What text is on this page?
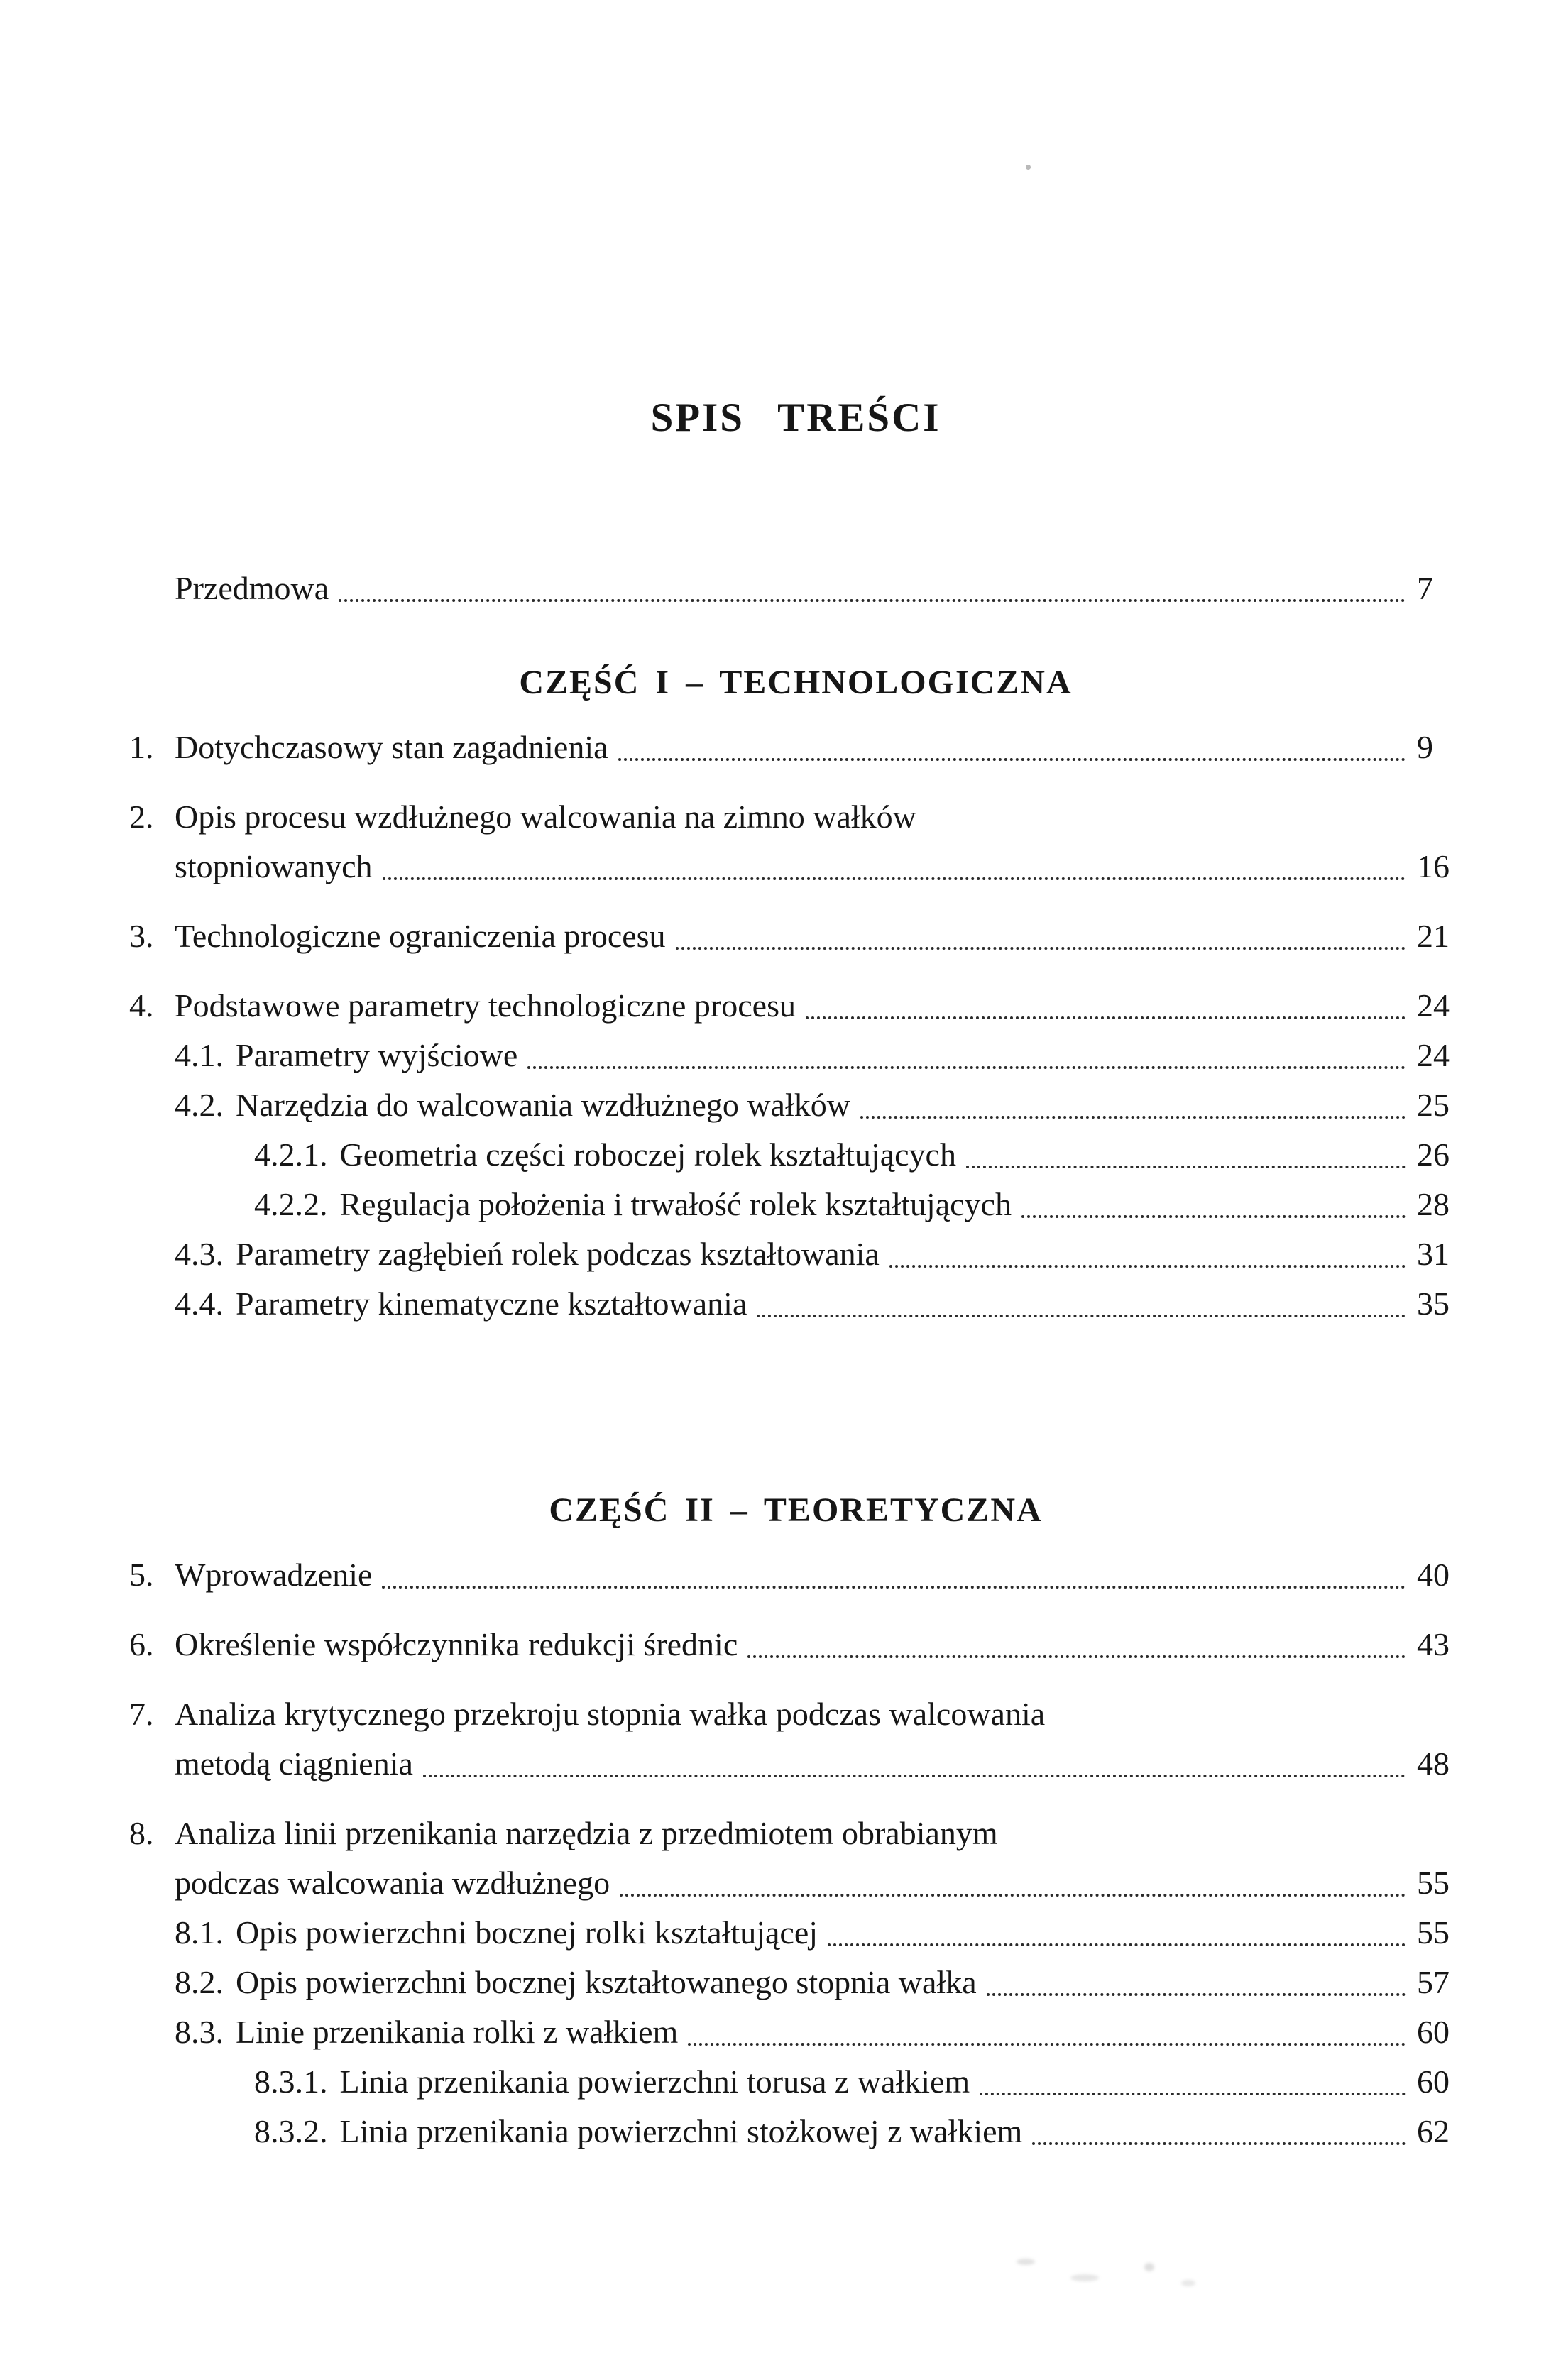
SPIS TREŚCI
Przedmowa	7
CZĘŚĆ I – TECHNOLOGICZNA
1. Dotychczasowy stan zagadnienia	9
2. Opis procesu wzdłużnego walcowania na zimno wałków
stopniowanych	16
3. Technologiczne ograniczenia procesu	21
4. Podstawowe parametry technologiczne procesu	24
4.1. Parametry wyjściowe	24
4.2. Narzędzia do walcowania wzdłużnego wałków	25
4.2.1. Geometria części roboczej rolek kształtujących	26
4.2.2. Regulacja położenia i trwałość rolek kształtujących	28
4.3. Parametry zagłębień rolek podczas kształtowania	31
4.4. Parametry kinematyczne kształtowania	35
CZĘŚĆ II – TEORETYCZNA
5. Wprowadzenie	40
6. Określenie współczynnika redukcji średnic	43
7. Analiza krytycznego przekroju stopnia wałka podczas walcowania
metodą ciągnienia	48
8. Analiza linii przenikania narzędzia z przedmiotem obrabianym
podczas walcowania wzdłużnego	55
8.1. Opis powierzchni bocznej rolki kształtującej	55
8.2. Opis powierzchni bocznej kształtowanego stopnia wałka	57
8.3. Linie przenikania rolki z wałkiem	60
8.3.1. Linia przenikania powierzchni torusa z wałkiem	60
8.3.2. Linia przenikania powierzchni stożkowej z wałkiem	62
